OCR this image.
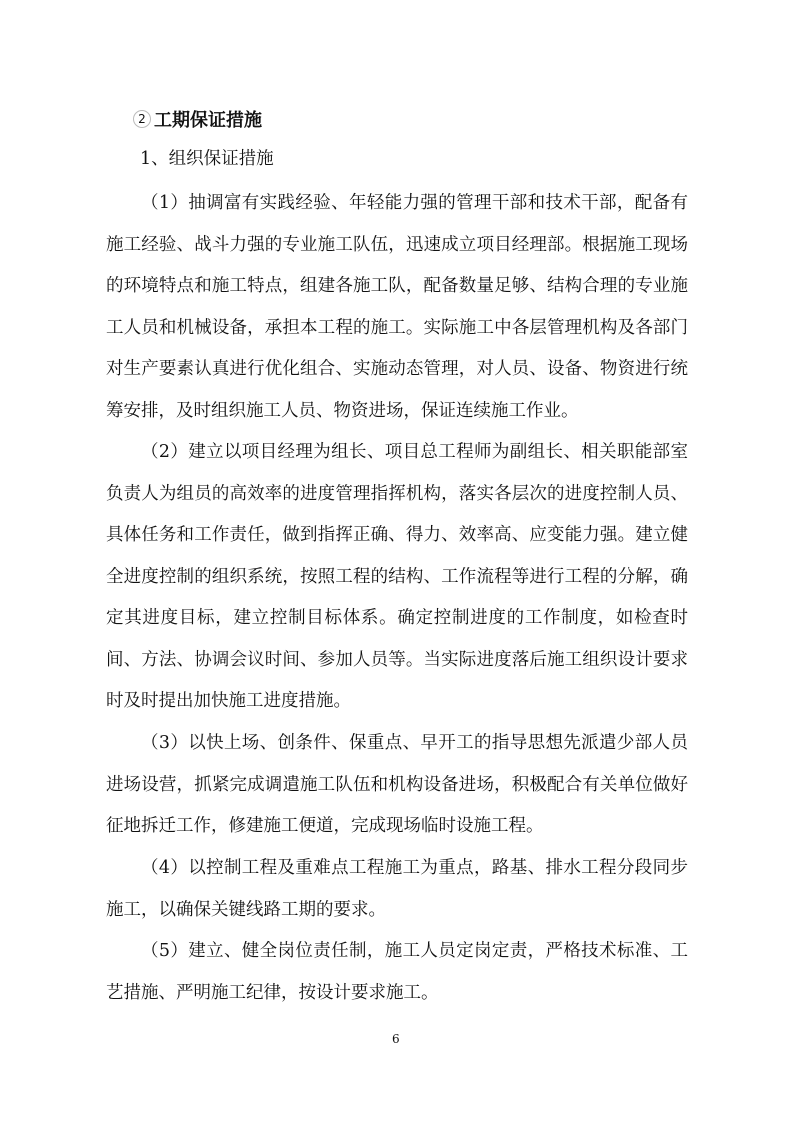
2 工期保证措施
1、组织保证措施

（1）抽调富有实践经验、年轻能力强的管理干部和技术干部，配备有施工经验、战斗力强的专业施工队伍，迅速成立项目经理部。根据施工现场的环境特点和施工特点，组建各施工队，配备数量足够、结构合理的专业施工人员和机械设备，承担本工程的施工。实际施工中各层管理机构及各部门对生产要素认真进行优化组合、实施动态管理，对人员、设备、物资进行统筹安排，及时组织施工人员、物资进场，保证连续施工作业。

（2）建立以项目经理为组长、项目总工程师为副组长、相关职能部室负责人为组员的高效率的进度管理指挥机构，落实各层次的进度控制人员、具体任务和工作责任，做到指挥正确、得力、效率高、应变能力强。建立健全进度控制的组织系统，按照工程的结构、工作流程等进行工程的分解，确定其进度目标，建立控制目标体系。确定控制进度的工作制度，如检查时间、方法、协调会议时间、参加人员等。当实际进度落后施工组织设计要求时及时提出加快施工进度措施。

（3）以快上场、创条件、保重点、早开工的指导思想先派遣少部人员进场设营，抓紧完成调遣施工队伍和机构设备进场，积极配合有关单位做好征地拆迁工作，修建施工便道，完成现场临时设施工程。

（4）以控制工程及重难点工程施工为重点，路基、排水工程分段同步施工，以确保关键线路工期的要求。

（5）建立、健全岗位责任制，施工人员定岗定责，严格技术标准、工艺措施、严明施工纪律，按设计要求施工。

6
